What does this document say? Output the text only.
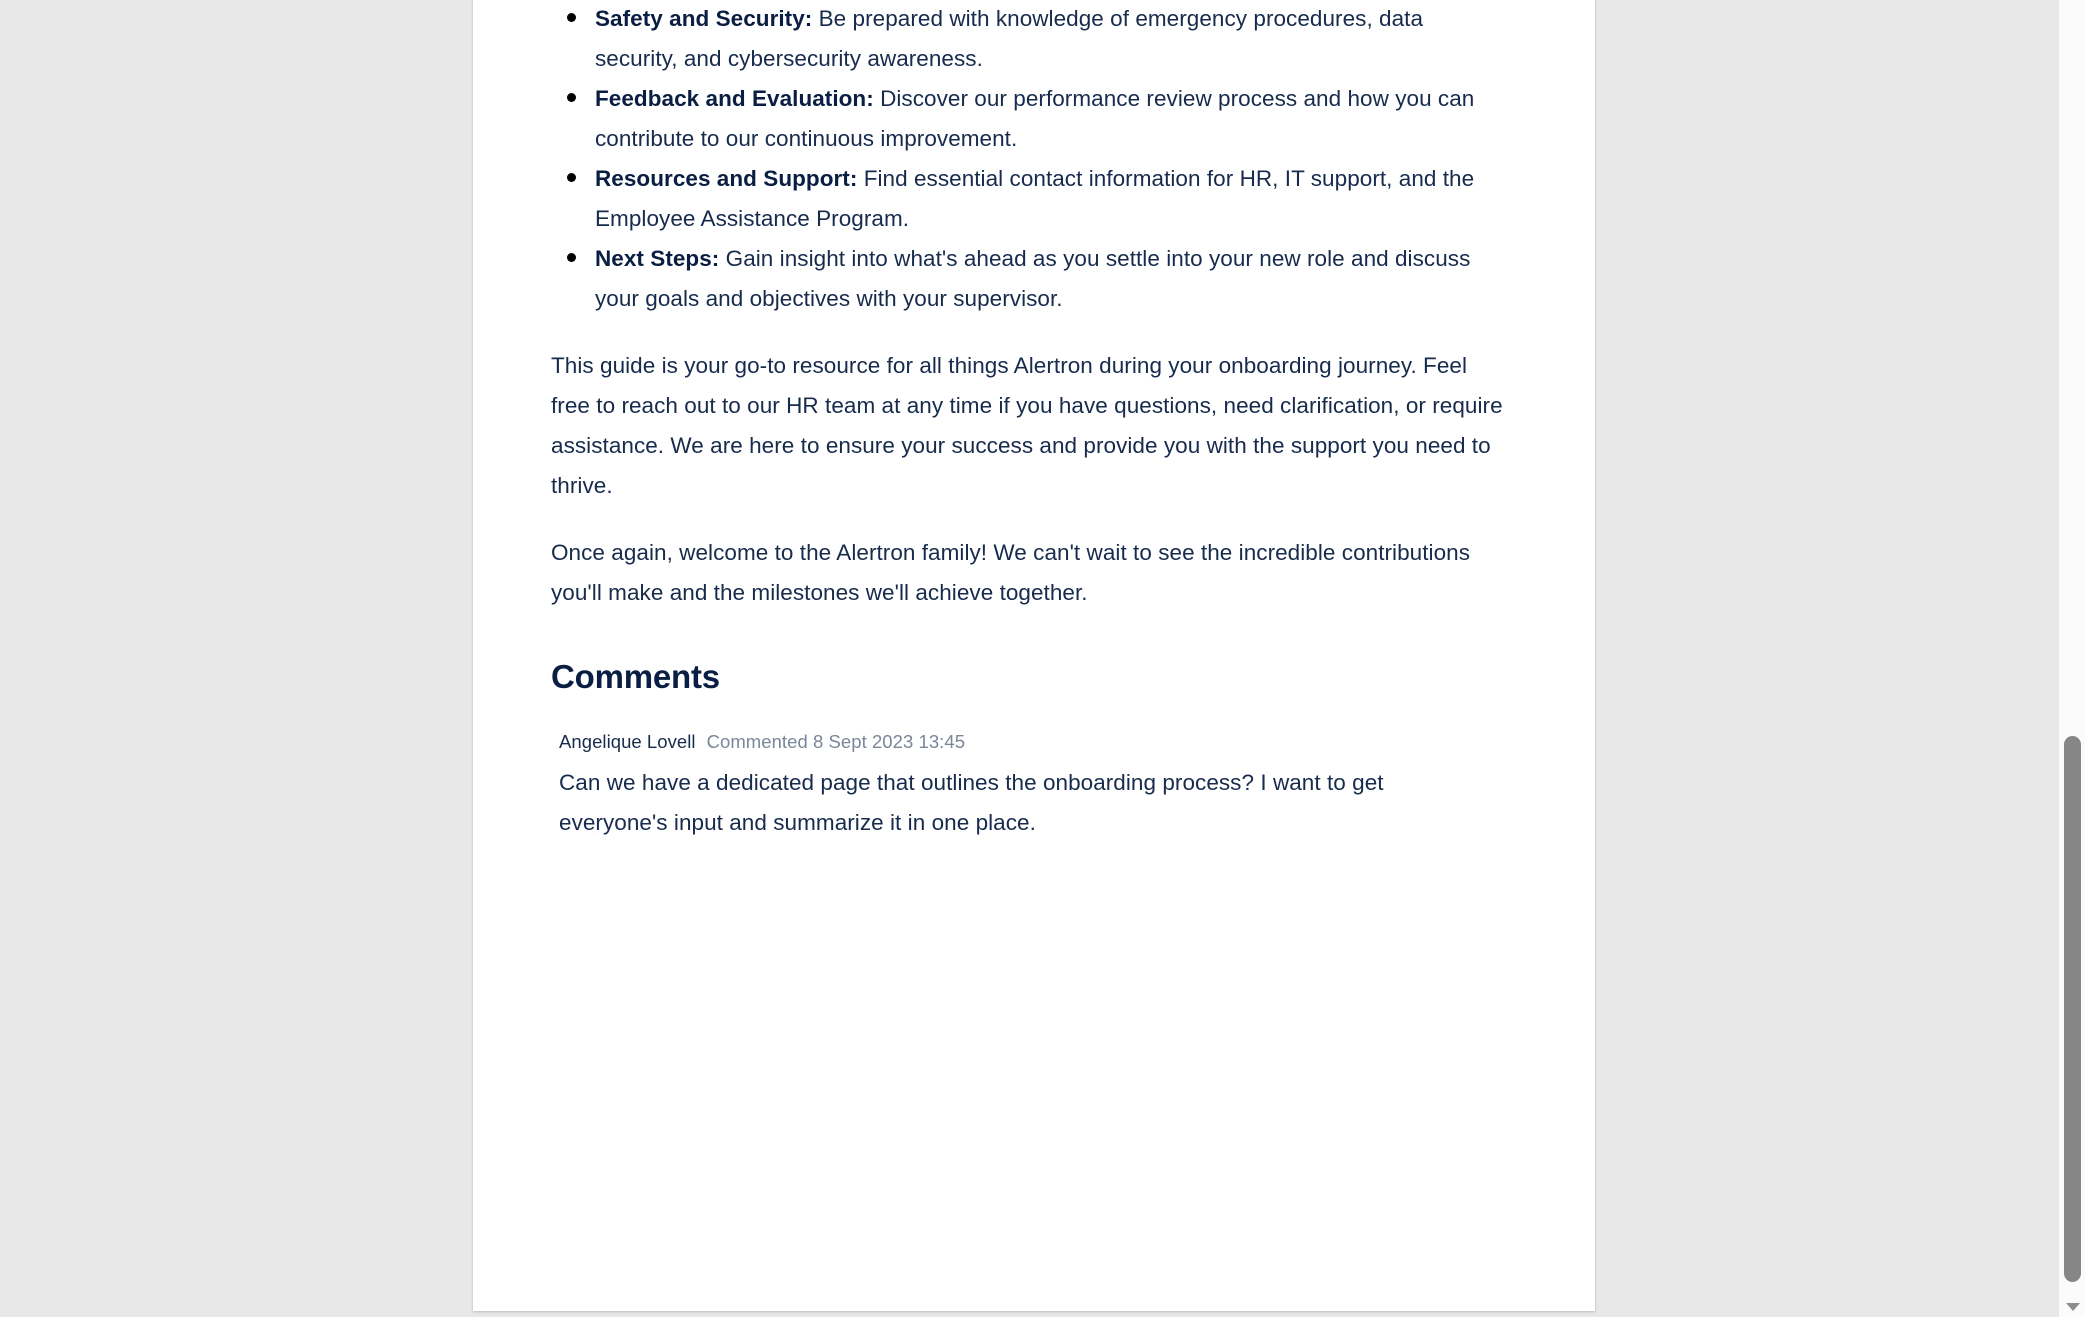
Safety and Security: Be prepared with knowledge of emergency procedures, data security, and cybersecurity awareness.
Feedback and Evaluation: Discover our performance review process and how you can contribute to our continuous improvement.
Resources and Support: Find essential contact information for HR, IT support, and the Employee Assistance Program.
Next Steps: Gain insight into what's ahead as you settle into your new role and discuss your goals and objectives with your supervisor.

This guide is your go-to resource for all things Alertron during your onboarding journey. Feel free to reach out to our HR team at any time if you have questions, need clarification, or require assistance. We are here to ensure your success and provide you with the support you need to thrive.

Once again, welcome to the Alertron family! We can't wait to see the incredible contributions you'll make and the milestones we'll achieve together.

Comments
Angelique Lovell Commented 8 Sept 2023 13:45

Can we have a dedicated page that outlines the onboarding process? I want to get everyone's input and summarize it in one place.
